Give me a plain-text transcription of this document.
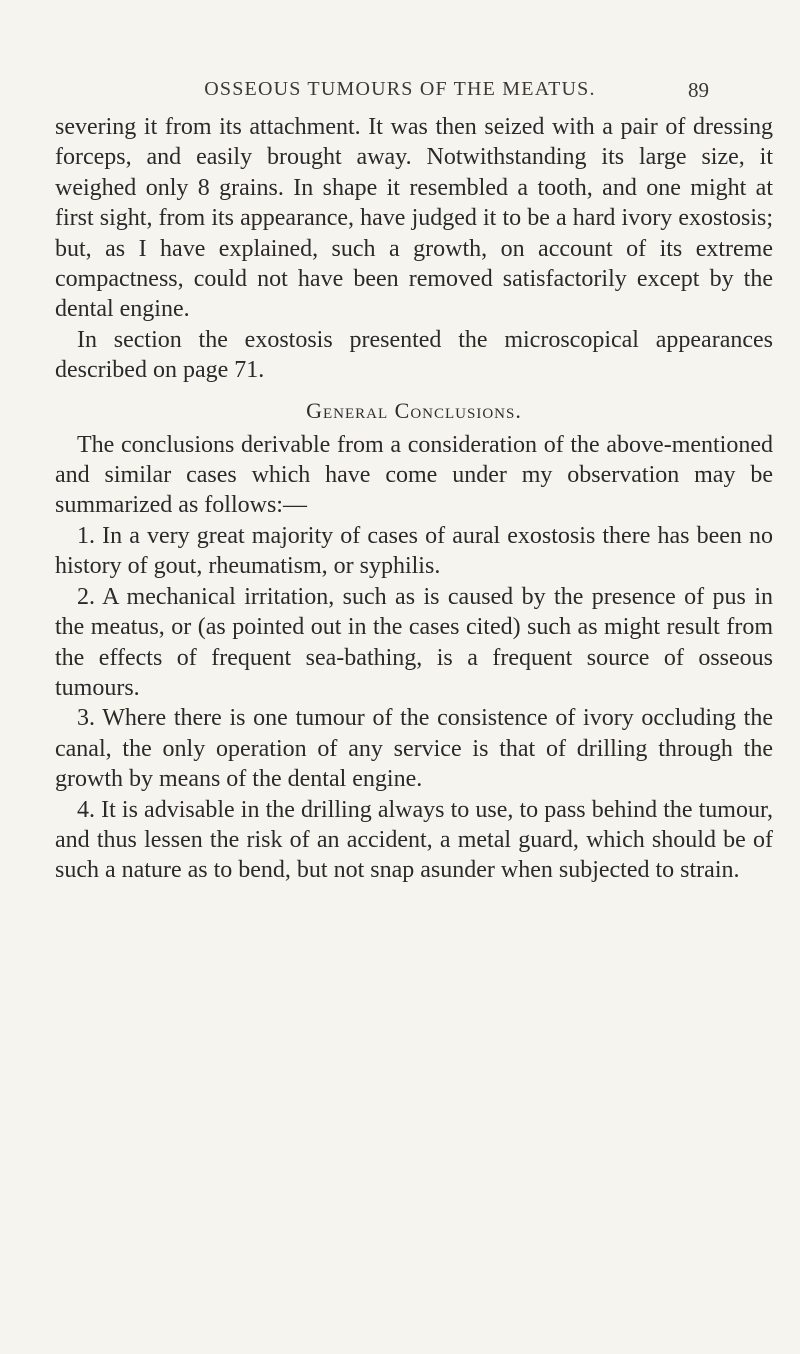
OSSEOUS TUMOURS OF THE MEATUS.	89

severing it from its attachment. It was then seized with a pair of dressing forceps, and easily brought away. Notwithstanding its large size, it weighed only 8 grains. In shape it resembled a tooth, and one might at first sight, from its appearance, have judged it to be a hard ivory exostosis; but, as I have explained, such a growth, on account of its extreme compactness, could not have been removed satisfactorily except by the dental engine.

In section the exostosis presented the microscopical appearances described on page 71.

General Conclusions.

The conclusions derivable from a consideration of the above-mentioned and similar cases which have come under my observation may be summarized as follows:—

1. In a very great majority of cases of aural exostosis there has been no history of gout, rheumatism, or syphilis.

2. A mechanical irritation, such as is caused by the presence of pus in the meatus, or (as pointed out in the cases cited) such as might result from the effects of frequent sea-bathing, is a frequent source of osseous tumours.

3. Where there is one tumour of the consistence of ivory occluding the canal, the only operation of any service is that of drilling through the growth by means of the dental engine.

4. It is advisable in the drilling always to use, to pass behind the tumour, and thus lessen the risk of an accident, a metal guard, which should be of such a nature as to bend, but not snap asunder when subjected to strain.
